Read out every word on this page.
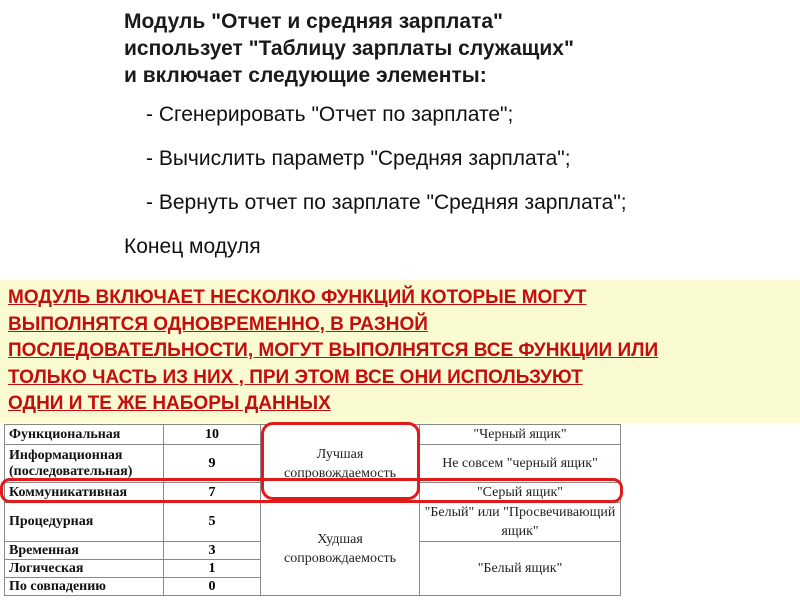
Модуль "Отчет и средняя зарплата"
использует "Таблицу зарплаты служащих"
и включает следующие элементы:
- Сгенерировать "Отчет по зарплате";
- Вычислить параметр "Средняя зарплата";
- Вернуть отчет по зарплате "Средняя зарплата";
Конец модуля
МОДУЛЬ ВКЛЮЧАЕТ НЕСКОЛКО ФУНКЦИЙ КОТОРЫЕ МОГУТ
ВЫПОЛНЯТСЯ ОДНОВРЕМЕННО, В РАЗНОЙ
ПОСЛЕДОВАТЕЛЬНОСТИ, МОГУТ ВЫПОЛНЯТСЯ ВСЕ ФУНКЦИИ ИЛИ
ТОЛЬКО ЧАСТЬ ИЗ НИХ , ПРИ ЭТОМ ВСЕ ОНИ ИСПОЛЬЗУЮТ
ОДНИ И ТЕ ЖЕ НАБОРЫ ДАННЫХ
Функциональная	10	Лучшая сопровождаемость	"Черный ящик"
Информационная (последовательная)	9		Не совсем "черный ящик"
Коммуникативная	7		"Серый ящик"
Процедурная	5	Худшая сопровождаемость	"Белый" или "Просвечивающий ящик"
Временная	3		"Белый ящик"
Логическая	1		
По совпадению	0		
